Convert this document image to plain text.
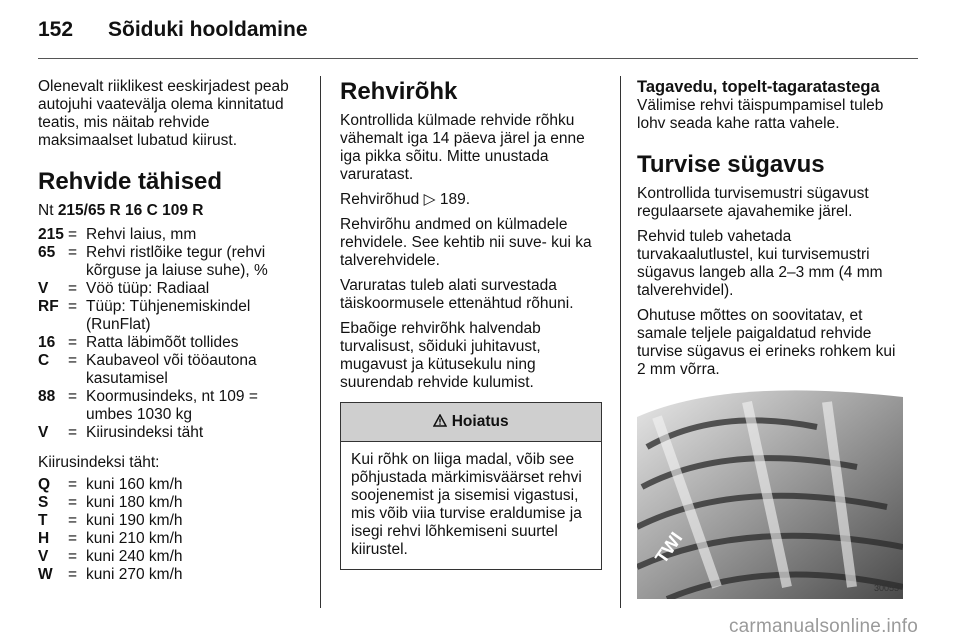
152	Sõiduki hooldamine

Olenevalt riiklikest eeskirjadest peab autojuhi vaatevälja olema kinnitatud teatis, mis näitab rehvide maksimaalset lubatud kiirust.

Rehvide tähised
Nt 215/65 R 16 C 109 R
215 = Rehvi laius, mm
65 = Rehvi ristlõike tegur (rehvi kõrguse ja laiuse suhe), %
V	= Vöö tüüp: Radiaal
RF = Tüüp: Tühjenemiskindel (RunFlat)
16 = Ratta läbimõõt tollides
C	= Kaubaveol või tööautona kasutamisel
88 = Koormusindeks, nt 109 = umbes 1030 kg
V	= Kiirusindeksi täht

Kiirusindeksi täht:

Q	= kuni 160 km/h
S	= kuni 180 km/h
T	= kuni 190 km/h
H	= kuni 210 km/h
V	= kuni 240 km/h
W = kuni 270 km/h
Rehvirõhk

Kontrollida külmade rehvide rõhku vähemalt iga 14 päeva järel ja enne iga pikka sõitu. Mitte unustada varuratast.

Rehvirõhud ▷ 189.

Rehvirõhu andmed on külmadele rehvidele. See kehtib nii suve- kui ka talverehvidele.

Varuratas tuleb alati survestada täiskoormusele ettenähtud rõhuni.

Ebaõige rehvirõhk halvendab turvalisust, sõiduki juhitavust, mugavust ja kütusekulu ning suurendab rehvide kulumist.

Hoiatus
Kui rõhk on liiga madal, võib see põhjustada märkimisväärset rehvi soojenemist ja sisemisi vigastusi, mis võib viia turvise eraldumise ja isegi rehvi lõhkemiseni suurtel kiirustel.
Tagavedu, topelt-tagaratastega

Välimise rehvi täispumpamisel tuleb lohv seada kahe ratta vahele.

Turvise sügavus

Kontrollida turvisemustri sügavust regulaarsete ajavahemike järel.

Rehvid tuleb vahetada turvakaalutlustel, kui turvisemustri sügavus langeb alla 2–3 mm (4 mm talverehvidel).

Ohutuse mõttes on soovitatav, et samale teljele paigaldatud rehvide turvise sügavus ei erineks rohkem kui 2 mm võrra.

TWI
30055
carmanualsonline.info
